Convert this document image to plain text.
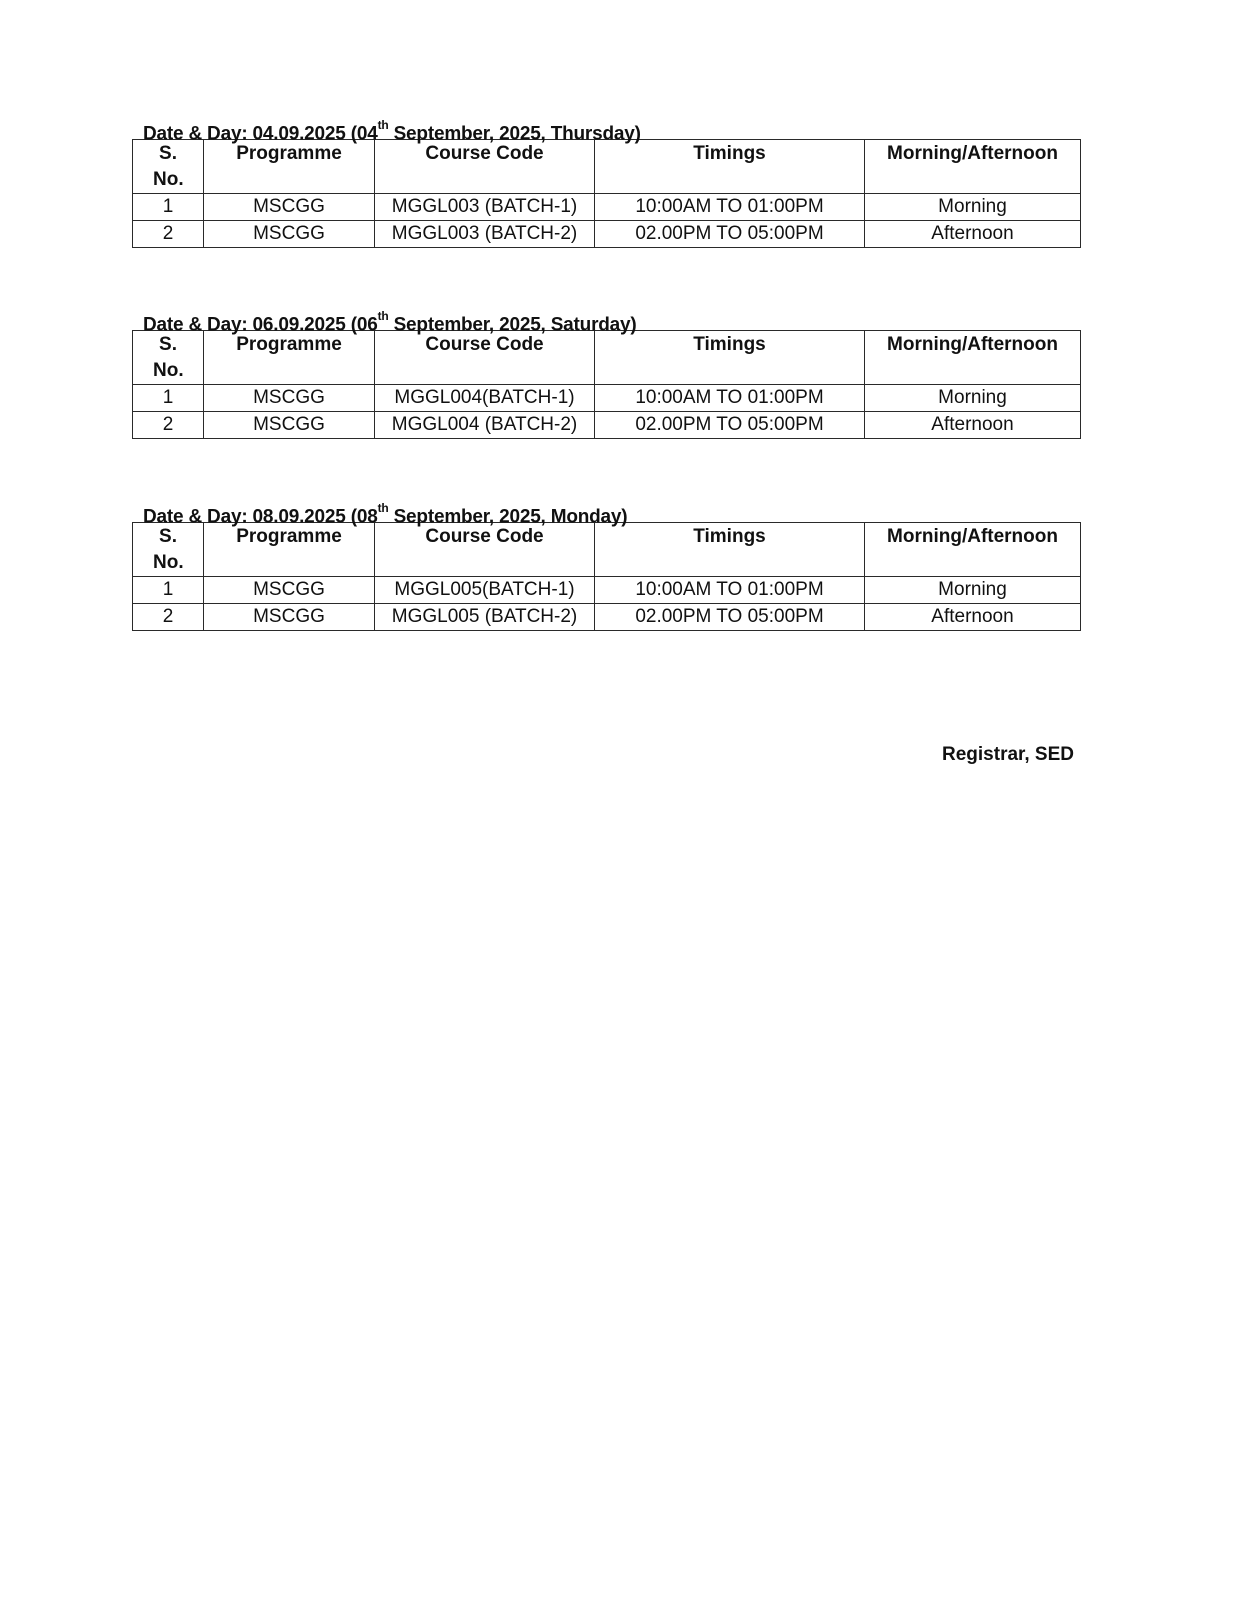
Date & Day: 04.09.2025 (04th September, 2025, Thursday)
S. No.	Programme	Course Code	Timings	Morning/Afternoon
1	MSCGG	MGGL003 (BATCH-1)	10:00AM TO 01:00PM	Morning
2	MSCGG	MGGL003 (BATCH-2)	02.00PM TO 05:00PM	Afternoon
Date & Day: 06.09.2025 (06th September, 2025, Saturday)
S. No.	Programme	Course Code	Timings	Morning/Afternoon
1	MSCGG	MGGL004(BATCH-1)	10:00AM TO 01:00PM	Morning
2	MSCGG	MGGL004 (BATCH-2)	02.00PM TO 05:00PM	Afternoon
Date & Day: 08.09.2025 (08th September, 2025, Monday)
S. No.	Programme	Course Code	Timings	Morning/Afternoon
1	MSCGG	MGGL005(BATCH-1)	10:00AM TO 01:00PM	Morning
2	MSCGG	MGGL005 (BATCH-2)	02.00PM TO 05:00PM	Afternoon
Registrar, SED
